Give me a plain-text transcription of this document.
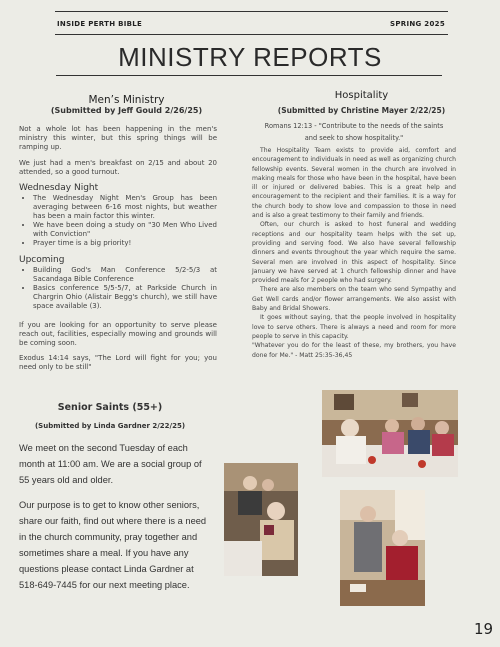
INSIDE PERTH BIBLE	SPRING 2025
MINISTRY REPORTS
Men’s Ministry
(Submitted by Jeff Gould 2/26/25)

Not a whole lot has been happening in the men's ministry this winter, but this spring things will be ramping up.

We just had a men's breakfast on 2/15 and about 20 attended, so a good turnout.

Wednesday Night
• The Wednesday Night Men's Group has been averaging between 6-16 most nights, but weather has been a main factor this winter.
• We have been doing a study on "30 Men Who Lived with Conviction"
• Prayer time is a big priority!
Upcoming
• Building God's Man Conference 5/2-5/3 at Sacandaga Bible Conference
• Basics conference 5/5-5/7, at Parkside Church in Chargrin Ohio (Alistair Begg's church), we still have space available (3).

If you are looking for an opportunity to serve please reach out, facilities, especially mowing and grounds will be coming soon.

Exodus 14:14 says, "The Lord will fight for you; you need only to be still"

Hospitality
(Submitted by Christine Mayer 2/22/25)

Romans 12:13 - "Contribute to the needs of the saints and seek to show hospitality."

The Hospitality Team exists to provide aid, comfort and encouragement to individuals in need as well as organizing church fellowship events. Several women in the church are involved in making meals for those who have been in the hospital, have been ill or injured or delivered babies. This is a great help and encouragement to the recipient and their families. It is a way for the church body to show love and compassion to those in need and is also a great testimony to their family and friends.

Often, our church is asked to host funeral and wedding receptions and our hospitality team helps with the set up, providing and serving food. We also have several fellowship dinners and events throughout the year which require the same. Several men are involved in this aspect of hospitality. Since January we have served at 1 church fellowship dinner and have provided meals for 2 people who had surgery.

There are also members on the team who send Sympathy and Get Well cards and/or flower arrangements. We also assist with Baby and Bridal Showers.

It goes without saying, that the people involved in hospitality love to serve others. There is always a need and room for more people to serve in this capacity.

"Whatever you do for the least of these, my brothers, you have done for Me." - Matt 25:35-36,45

Senior Saints (55+)
(Submitted by Linda Gardner 2/22/25)

We meet on the second Tuesday of each month at 11:00 am. We are a social group of 55 years old and older.

Our purpose is to get to know other seniors, share our faith, find out where there is a need in the church community, pray together and sometimes share a meal. If you have any questions please contact Linda Gardner at 518-649-7445 for our next meeting place.

19
